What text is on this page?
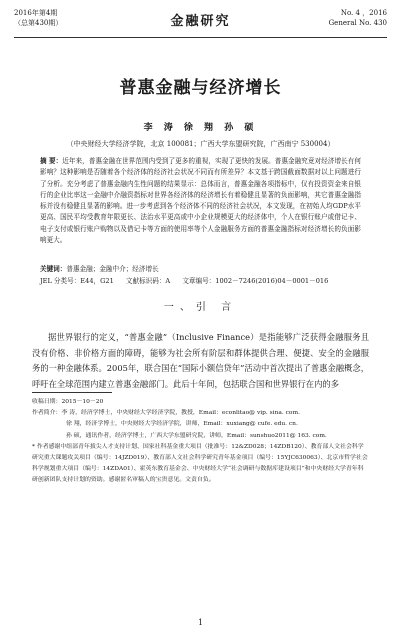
2016年第4期
（总第430期）	金融研究
No. 4 ，2016
General No. 430
普惠金融与经济增长
李 涛 徐 翔 孙 硕
（中央财经大学经济学院，北京 100081；广西大学东盟研究院，广西南宁 530004）
摘 要：近年来，普惠金融在世界范围内受到了更多的重视，实现了更快的发展。普惠金融究竟对经济增长有何影响？这种影响是否随着各个经济体的经济社会状况不同而有所差异？本文基于跨国截面数据对以上问题进行了分析。充分考虑了普惠金融内生性问题的结果显示：总体而言，普惠金融各项指标中，仅有投资资金来自银行的企业比率这一金融中介融资指标对世界各经济体的经济增长有着稳健且显著的负面影响，其它普惠金融指标并没有稳健且显著的影响。进一步考虑到各个经济体不同的经济社会状况，本文发现，在初始人均GDP水平更高、国民平均受教育年限更长、法治水平更高或中小企业规模更大的经济体中，个人在银行账户或借记卡、电子支付或银行账户购物以及借记卡等方面的使用率等个人金融服务方面的普惠金融指标对经济增长的负面影响更大。
关键词：普惠金融；金融中介；经济增长
JEL 分类号：E44，G21 文献标识码：A 文章编号：1002－7246(2016)04－0001－016
一、引 言
据世界银行的定义，“普惠金融”（Inclusive Finance）是指能够广泛获得金融服务且没有价格、非价格方面的障碍，能够为社会所有阶层和群体提供合理、便捷、安全的金融服务的一种金融体系。2005年，联合国在“国际小额信贷年”活动中首次提出了普惠金融概念，呼吁在全球范围内建立普惠金融部门。此后十年间，包括联合国和世界银行在内的多
收稿日期：2015－10－20
作者简介：李 涛，经济学博士，中央财经大学经济学院，教授，Email：econlitao@ vip. sina. com.
徐 翔，经济学博士，中央财经大学经济学院，讲师，Email：xuxiang@ cufe. edu. cn.
孙 硕，通讯作者，经济学博士，广西大学东盟研究院，讲师，Email：sunshuo2011@ 163. com.
* 作者感谢中组部青年拔尖人才支持计划、国家社科基金重大项目（批准号：12&ZD028；14ZDB120）、教育部人文社会科学研究重大课题攻关项目（编号：14JZD019）、教育部人文社会科学研究青年基金项目（编号：15YJC630063）、北京市哲学社会科学规划重大项目（编号：14ZDA01）、霍英东教育基金会、中央财经大学“社会调研与数据库建设项目”和中央财经大学青年科研创新团队支持计划的资助。感谢匿名审稿人的宝贵意见。文责自负。
1
